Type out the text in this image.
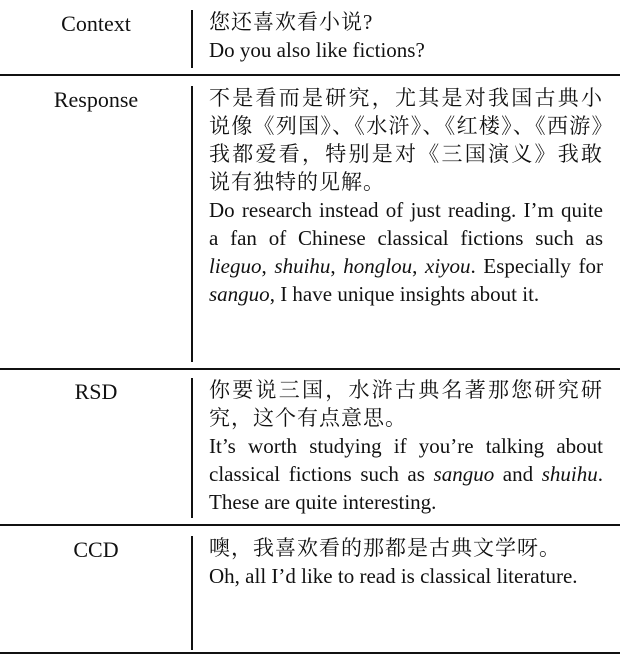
Context	您还喜欢看小说?

Do you also like fictions?

Response	不是看而是研究，尤其是对我国古典小说像《列国》、《水浒》、《红楼》、《西游》我都爱看，特别是对《三国演义》我敢说有独特的见解。

Do research instead of just reading. I’m quite a fan of Chinese classical fictions such as lieguo, shuihu, honglou, xiyou. Especially for sanguo, I have unique insights about it.

RSD	你要说三国，水浒古典名著那您研究研究，这个有点意思。

It’s worth studying if you’re talking about classical fictions such as sanguo and shuihu. These are quite interesting.

CCD	噢，我喜欢看的那都是古典文学呀。

Oh, all I’d like to read is classical literature.
